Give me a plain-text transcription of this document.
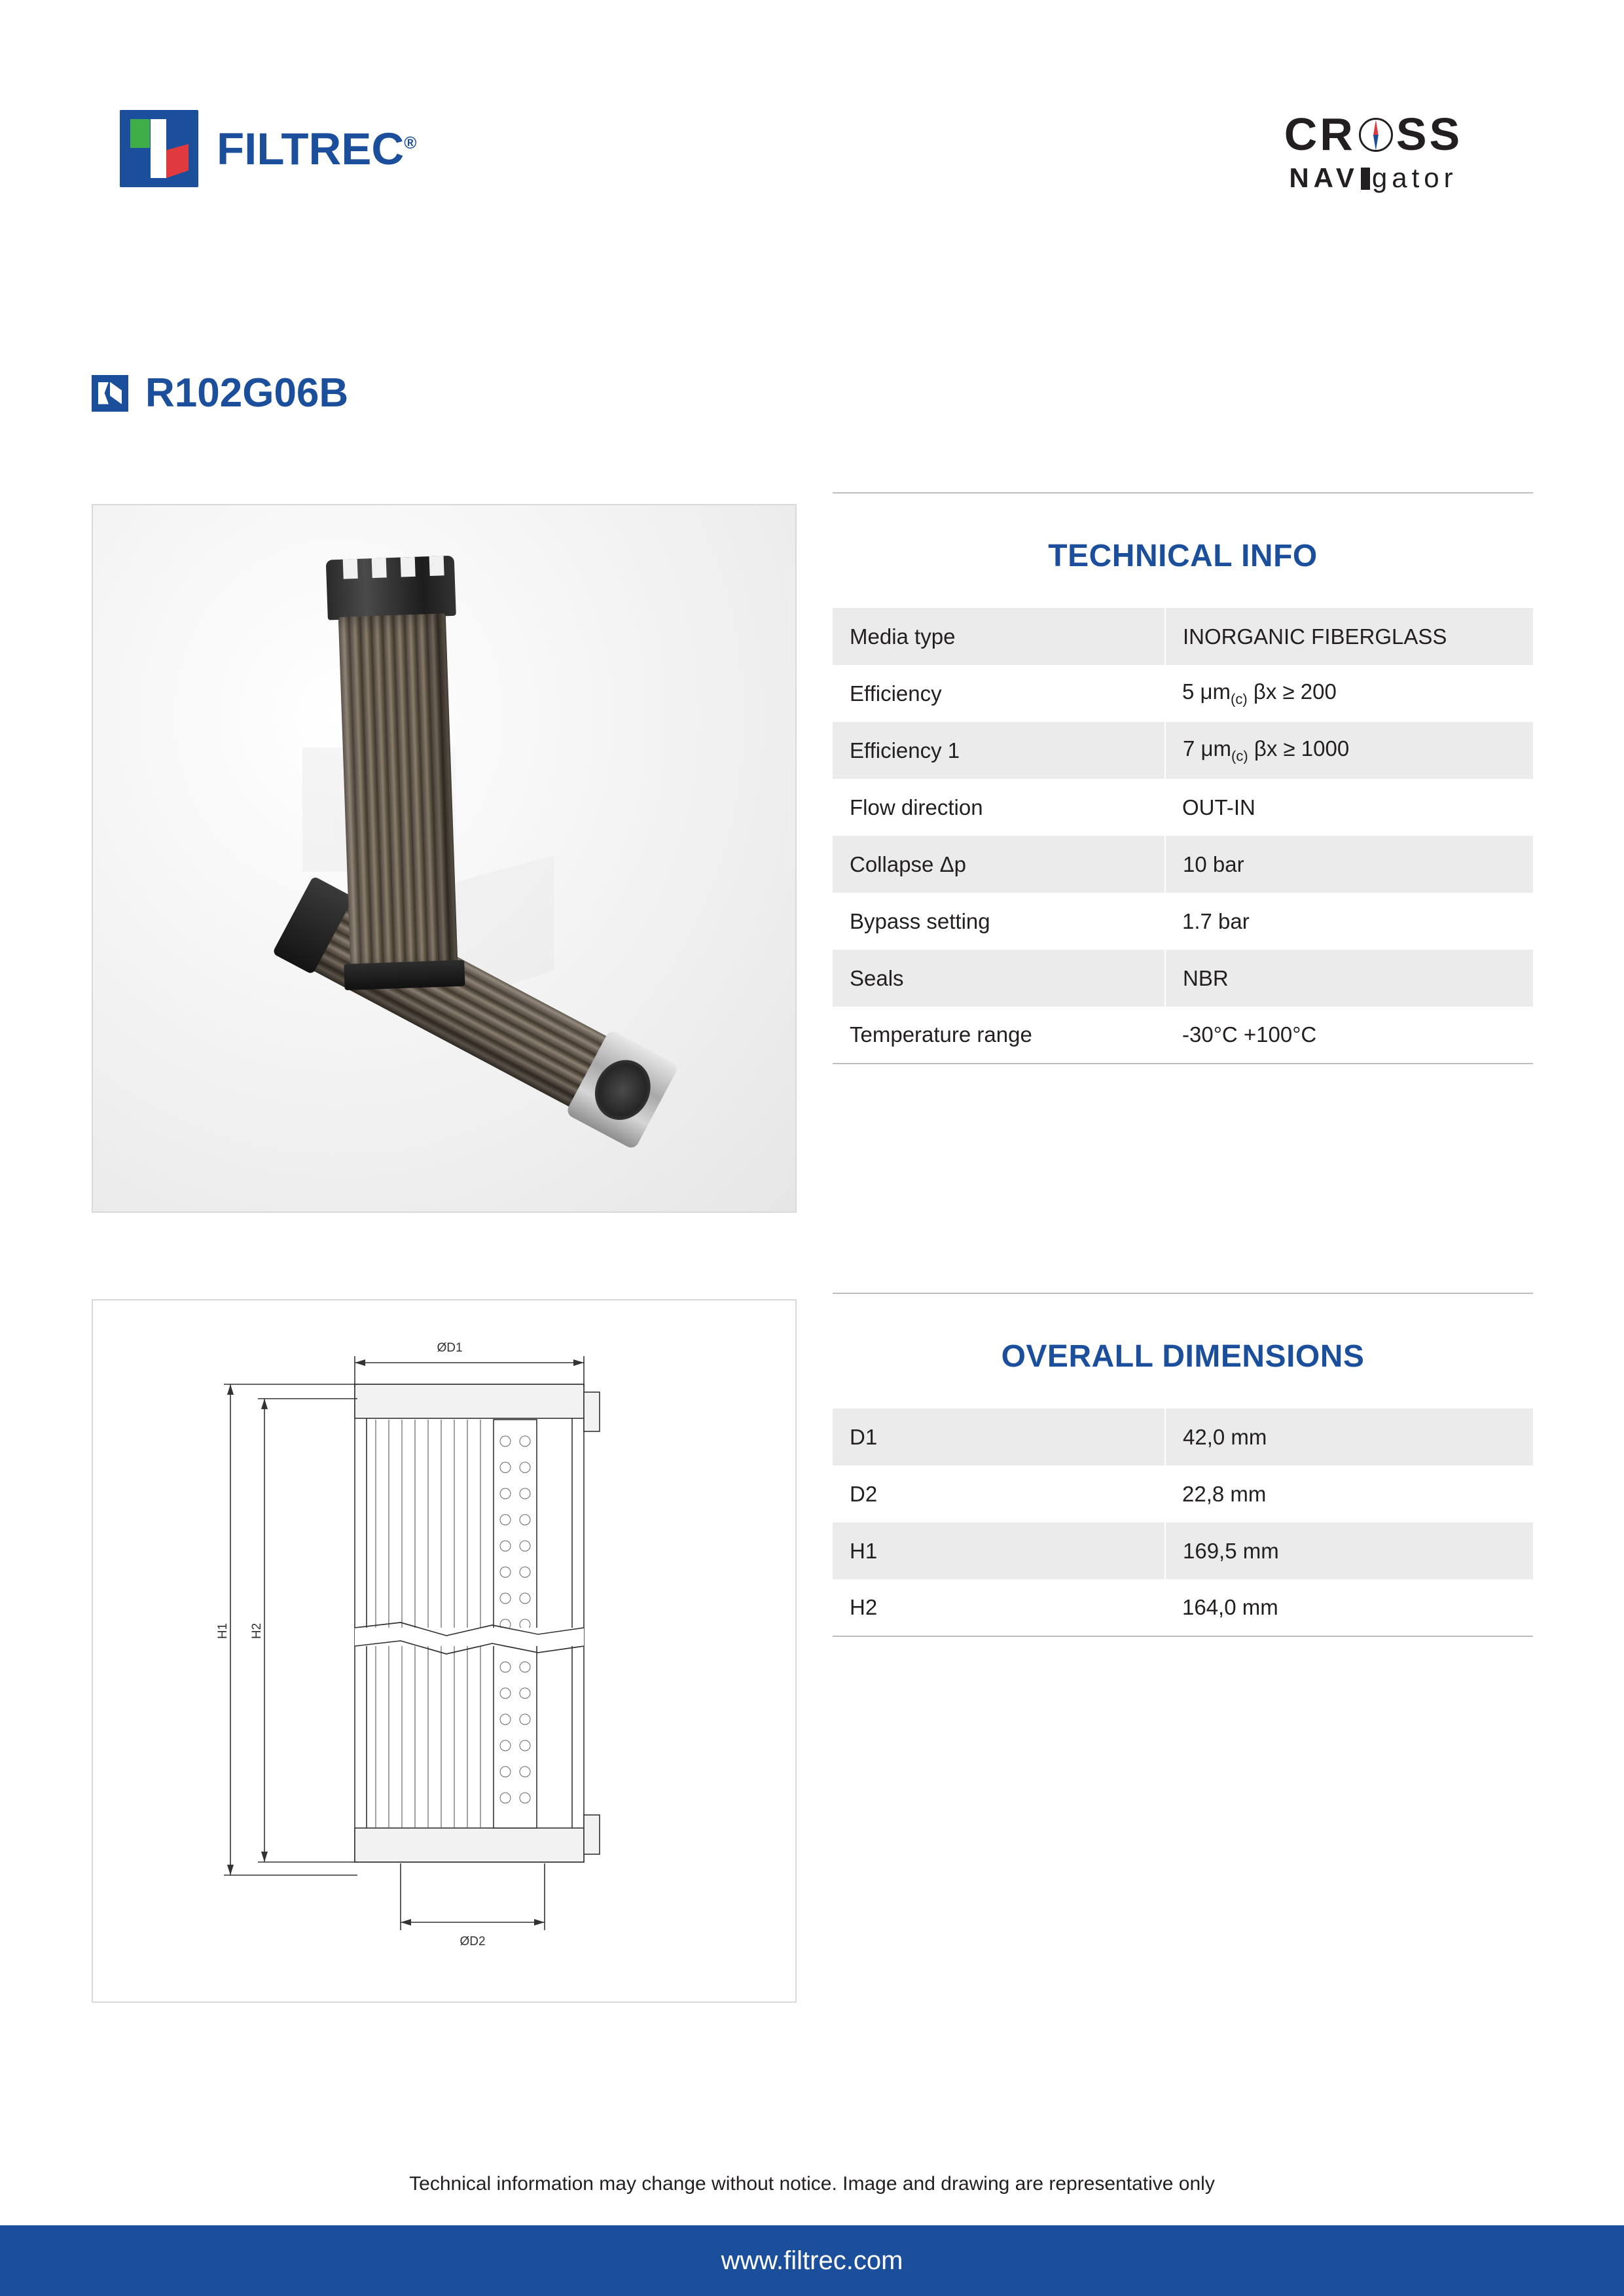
FILTREC®	CR SS
NAV gator
R102G06B
ØD1
ØD2
H1 H2
TECHNICAL INFO
Media type	INORGANIC FIBERGLASS
Efficiency	5 $\mu m_{(c)}$ βx ≥ 200
Efficiency 1	7 $\mu m_{(c)}$ βx ≥ 1000
Flow direction	OUT-IN
Collapse Δp	10 bar
Bypass setting	1.7 bar
Seals	NBR
Temperature range	-30°C +100°C
OVERALL DIMENSIONS
D1	42,0 mm
D2	22,8 mm
H1	169,5 mm
H2	164,0 mm
Technical information may change without notice. Image and drawing are representative only
www.filtrec.com
